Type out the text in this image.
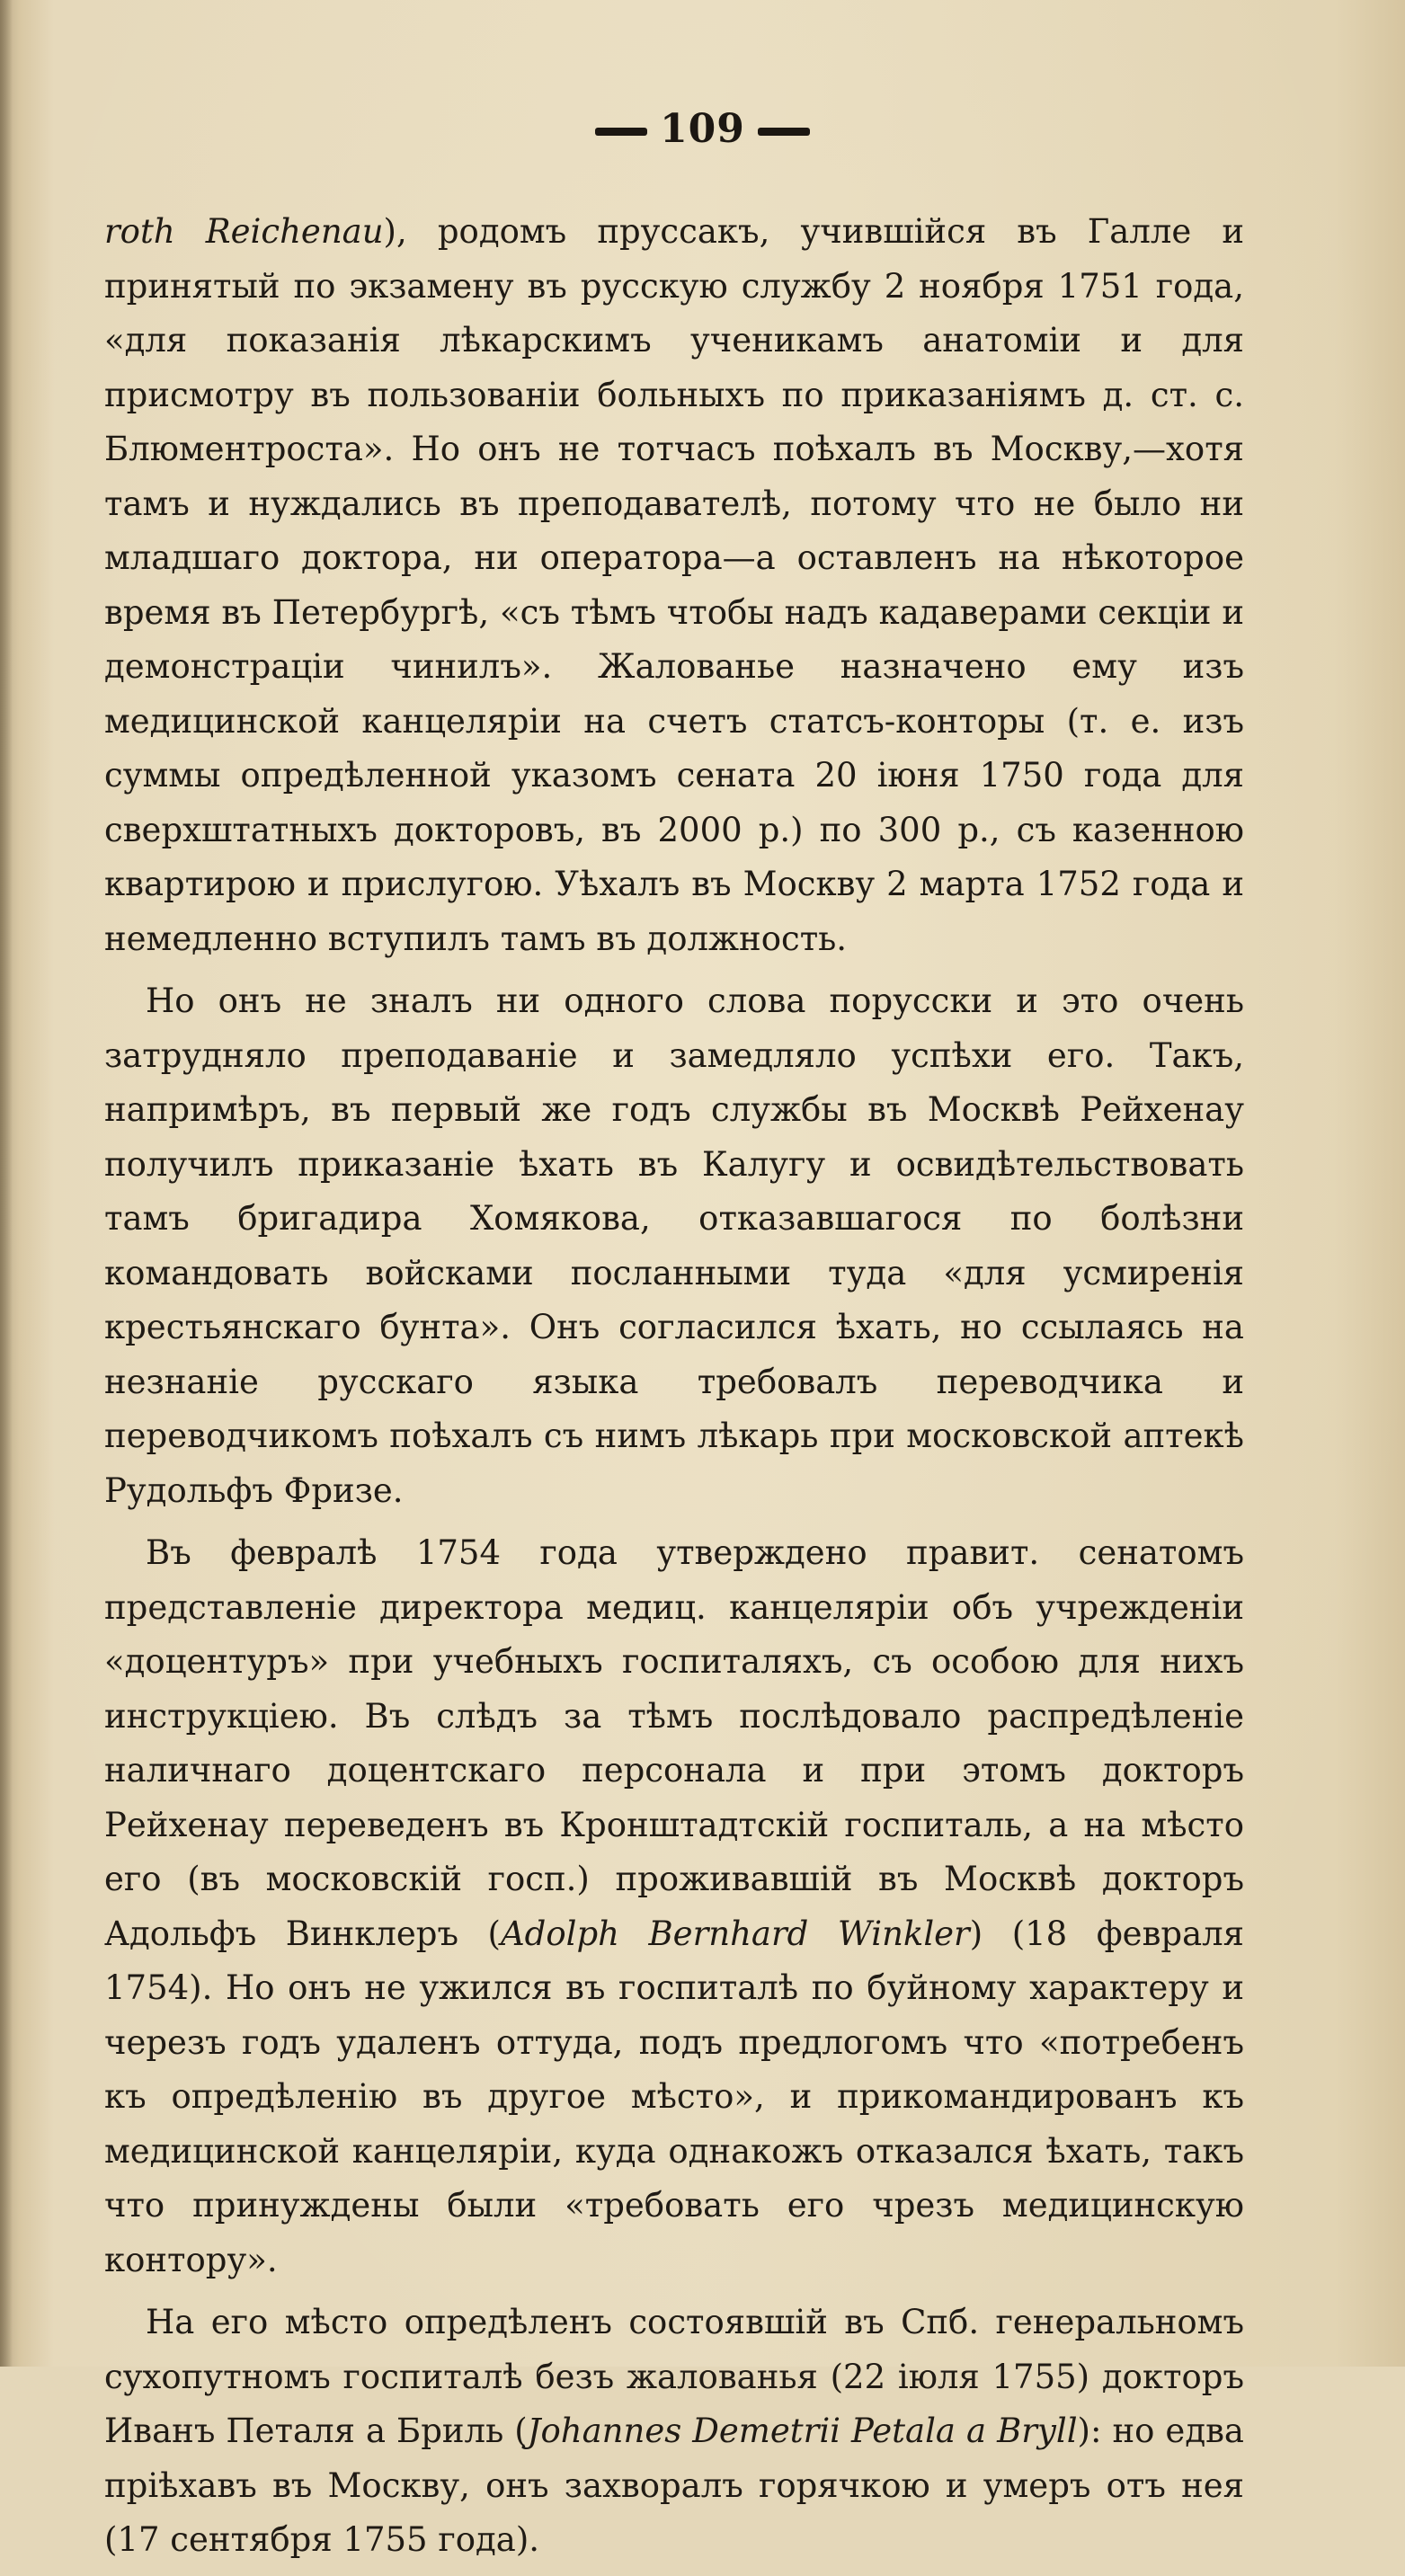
109

roth Reichenau), родомъ пруссакъ, учившiйся въ Галле и принятый по экзамену въ русскую службу 2 ноября 1751 года, «для показанiя лѣкарскимъ ученикамъ анатомiи и для присмотру въ пользованiи больныхъ по приказанiямъ д. ст. с. Блюментроста». Но онъ не тотчасъ поѣхалъ въ Москву,—хотя тамъ и нуждались въ преподавателѣ, потому что не было ни младшаго доктора, ни оператора—а оставленъ на нѣкоторое время въ Петербургѣ, «съ тѣмъ чтобы надъ кадаверами секцiи и демонстрацiи чинилъ». Жалованье назначено ему изъ медицинской канцелярiи на счетъ статсъ-конторы (т. е. изъ суммы опредѣленной указомъ сената 20 iюня 1750 года для сверхштатныхъ докторовъ, въ 2000 р.) по 300 р., съ казенною квартирою и прислугою. Уѣхалъ въ Москву 2 марта 1752 года и немедленно вступилъ тамъ въ должность.

Но онъ не зналъ ни одного слова порусски и это очень затрудняло преподаванiе и замедляло успѣхи его. Такъ, напримѣръ, въ первый же годъ службы въ Москвѣ Рейхенау получилъ приказанiе ѣхать въ Калугу и освидѣтельствовать тамъ бригадира Хомякова, отказавшагося по болѣзни командовать войсками посланными туда «для усмиренiя крестьянскаго бунта». Онъ согласился ѣхать, но ссылаясь на незнанiе русскаго языка требовалъ переводчика и переводчикомъ поѣхалъ съ нимъ лѣкарь при московской аптекѣ Рудольфъ Фризе.

Въ февралѣ 1754 года утверждено правит. сенатомъ представленiе директора медиц. канцелярiи объ учрежденiи «доцентуръ» при учебныхъ госпиталяхъ, съ особою для нихъ инструкцiею. Въ слѣдъ за тѣмъ послѣдовало распредѣленiе наличнаго доцентскаго персонала и при этомъ докторъ Рейхенау переведенъ въ Кронштадтскiй госпиталь, а на мѣсто его (въ московскiй госп.) проживавшiй въ Москвѣ докторъ Адольфъ Винклеръ (Adolph Bernhard Winkler) (18 февраля 1754). Но онъ не ужился въ госпиталѣ по буйному характеру и черезъ годъ удаленъ оттуда, подъ предлогомъ что «потребенъ къ опредѣленiю въ другое мѣсто», и прикомандированъ къ медицинской канцелярiи, куда однакожъ отказался ѣхать, такъ что принуждены были «требовать его чрезъ медицинскую контору».

На его мѣсто опредѣленъ состоявшiй въ Спб. генеральномъ сухопутномъ госпиталѣ безъ жалованья (22 iюля 1755) докторъ Иванъ Петаля а Бриль (Johannes Demetrii Petala a Bryll): но едва прiѣхавъ въ Москву, онъ захворалъ горячкою и умеръ отъ нея (17 сентября 1755 года).
